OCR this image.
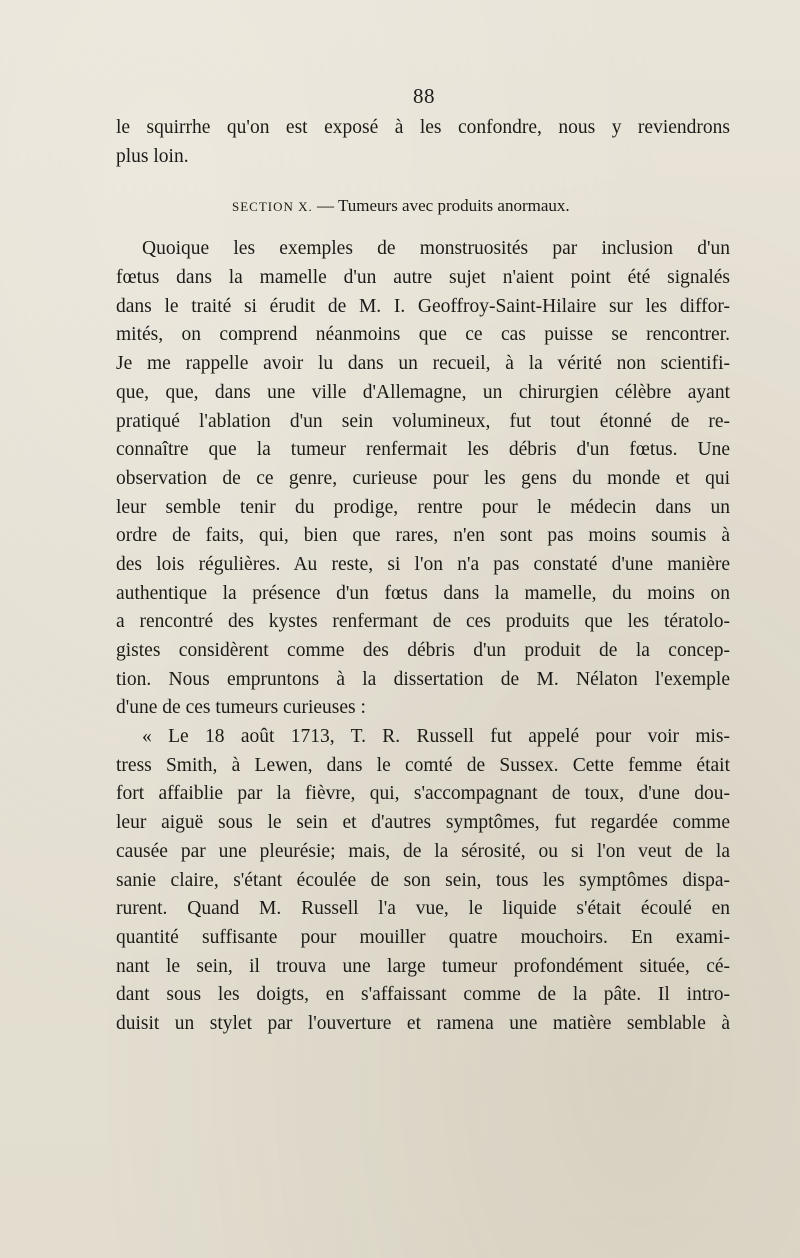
88
le squirrhe qu'on est exposé à les confondre, nous y reviendrons
plus loin.
SECTION X. — Tumeurs avec produits anormaux.
Quoique les exemples de monstruosités par inclusion d'un
fœtus dans la mamelle d'un autre sujet n'aient point été signalés
dans le traité si érudit de M. I. Geoffroy-Saint-Hilaire sur les diffor-
mités, on comprend néanmoins que ce cas puisse se rencontrer.
Je me rappelle avoir lu dans un recueil, à la vérité non scientifi-
que, que, dans une ville d'Allemagne, un chirurgien célèbre ayant
pratiqué l'ablation d'un sein volumineux, fut tout étonné de re-
connaître que la tumeur renfermait les débris d'un fœtus. Une
observation de ce genre, curieuse pour les gens du monde et qui
leur semble tenir du prodige, rentre pour le médecin dans un
ordre de faits, qui, bien que rares, n'en sont pas moins soumis à
des lois régulières. Au reste, si l'on n'a pas constaté d'une manière
authentique la présence d'un fœtus dans la mamelle, du moins on
a rencontré des kystes renfermant de ces produits que les tératolo-
gistes considèrent comme des débris d'un produit de la concep-
tion. Nous empruntons à la dissertation de M. Nélaton l'exemple
d'une de ces tumeurs curieuses :
« Le 18 août 1713, T. R. Russell fut appelé pour voir mis-
tress Smith, à Lewen, dans le comté de Sussex. Cette femme était
fort affaiblie par la fièvre, qui, s'accompagnant de toux, d'une dou-
leur aiguë sous le sein et d'autres symptômes, fut regardée comme
causée par une pleurésie; mais, de la sérosité, ou si l'on veut de la
sanie claire, s'étant écoulée de son sein, tous les symptômes dispa-
rurent. Quand M. Russell l'a vue, le liquide s'était écoulé en
quantité suffisante pour mouiller quatre mouchoirs. En exami-
nant le sein, il trouva une large tumeur profondément située, cé-
dant sous les doigts, en s'affaissant comme de la pâte. Il intro-
duisit un stylet par l'ouverture et ramena une matière semblable à
